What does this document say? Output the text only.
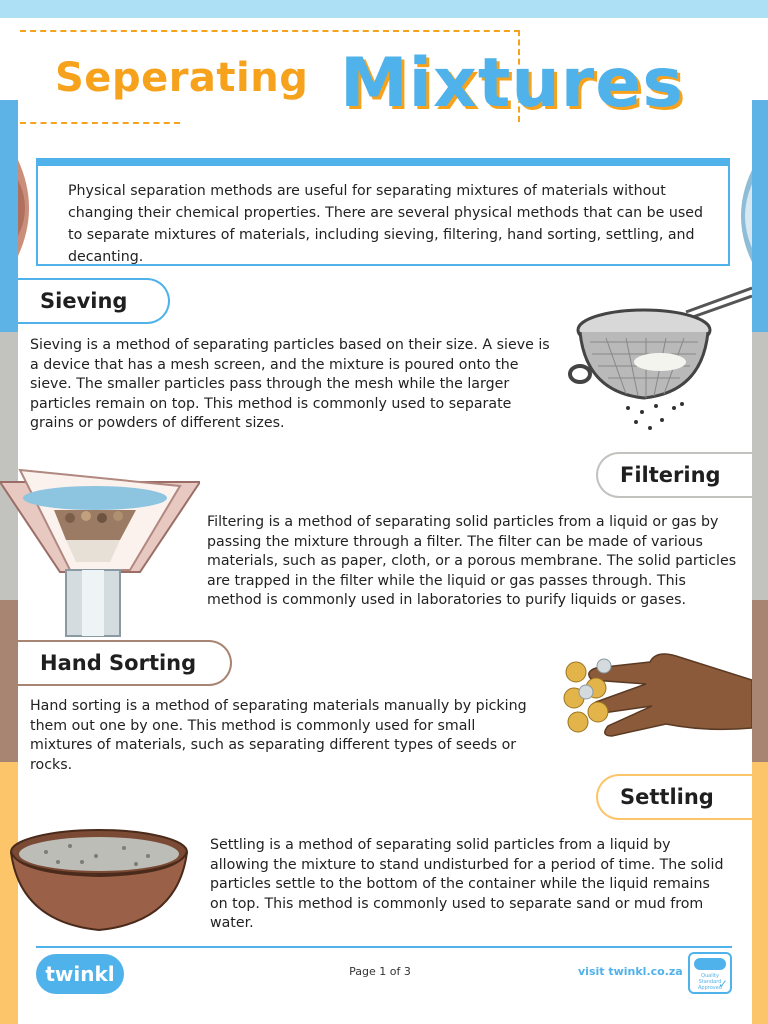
Seperating Mixtures
Physical separation methods are useful for separating mixtures of materials without changing their chemical properties. There are several physical methods that can be used to separate mixtures of materials, including sieving, filtering, hand sorting, settling, and decanting.
Sieving
Sieving is a method of separating particles based on their size. A sieve is a device that has a mesh screen, and the mixture is poured onto the sieve. The smaller particles pass through the mesh while the larger particles remain on top. This method is commonly used to separate grains or powders of different sizes.
Filtering
Filtering is a method of separating solid particles from a liquid or gas by passing the mixture through a filter. The filter can be made of various materials, such as paper, cloth, or a porous membrane. The solid particles are trapped in the filter while the liquid or gas passes through. This method is commonly used in laboratories to purify liquids or gases.
Hand Sorting
Hand sorting is a method of separating materials manually by picking them out one by one. This method is commonly used for small mixtures of materials, such as separating different types of seeds or rocks.
Settling
Settling is a method of separating solid particles from a liquid by allowing the mixture to stand undisturbed for a period of time. The solid particles settle to the bottom of the container while the liquid remains on top. This method is commonly used to separate sand or mud from water.
twinkl	Page 1 of 3	visit twinkl.co.za	Quality Standard Approved
✓
